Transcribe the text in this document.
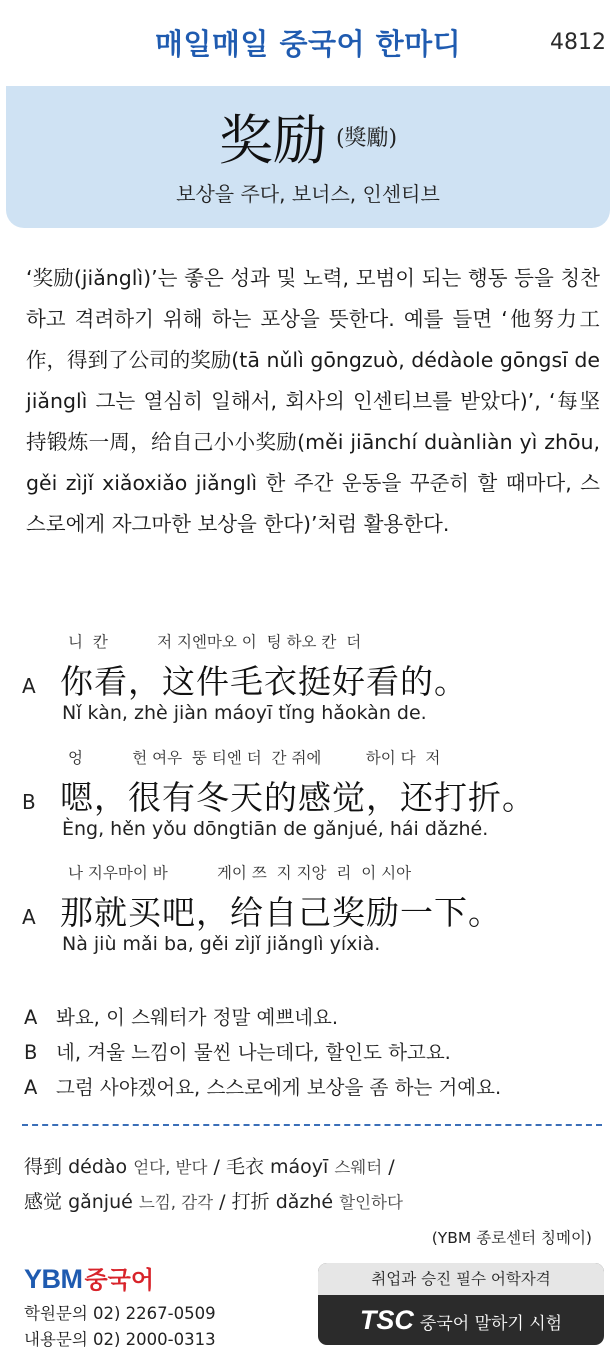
매일매일 중국어 한마디	4812
奖励 (獎勵)
보상을 주다, 보너스, 인센티브
‘奖励(jiǎnglì)’는 좋은 성과 및 노력, 모범이 되는 행동 등을 칭찬하고 격려하기 위해 하는 포상을 뜻한다. 예를 들면 ‘他努力工作，得到了公司的奖励(tā nǔlì gōngzuò, dédàole gōngsī de jiǎnglì 그는 열심히 일해서, 회사의 인센티브를 받았다)’, ‘每坚持锻炼一周，给自己小小奖励(měi jiānchí duànliàn yì zhōu, gěi zìjǐ xiǎoxiǎo jiǎnglì 한 주간 운동을 꾸준히 할 때마다, 스스로에게 자그마한 보상을 한다)’처럼 활용한다.
니  칸          저 지엔마오 이  팅 하오 칸  더
A 你看，这件毛衣挺好看的。
Nǐ kàn, zhè jiàn máoyī tǐng hǎokàn de.
엉          헌 여우  뚱 티엔 더  간 쥐에         하이 다  저
B 嗯，很有冬天的感觉，还打折。
Èng, hěn yǒu dōngtiān de gǎnjué, hái dǎzhé.
나 지우마이 바          게이 쯔  지 지앙  리  이 시아
A 那就买吧，给自己奖励一下。
Nà jiù mǎi ba, gěi zìjǐ jiǎnglì yíxià.
A 봐요, 이 스웨터가 정말 예쁘네요.
B 네, 겨울 느낌이 물씬 나는데다, 할인도 하고요.
A 그럼 사야겠어요, 스스로에게 보상을 좀 하는 거예요.
得到 dédào 얻다, 받다 / 毛衣 máoyī 스웨터 /
感觉 gǎnjué 느낌, 감각 / 打折 dǎzhé 할인하다
(YBM 종로센터 칭메이)
YBM중국어
학원문의 02) 2267-0509
내용문의 02) 2000-0313
취업과 승진 필수 어학자격
TSC 중국어 말하기 시험
